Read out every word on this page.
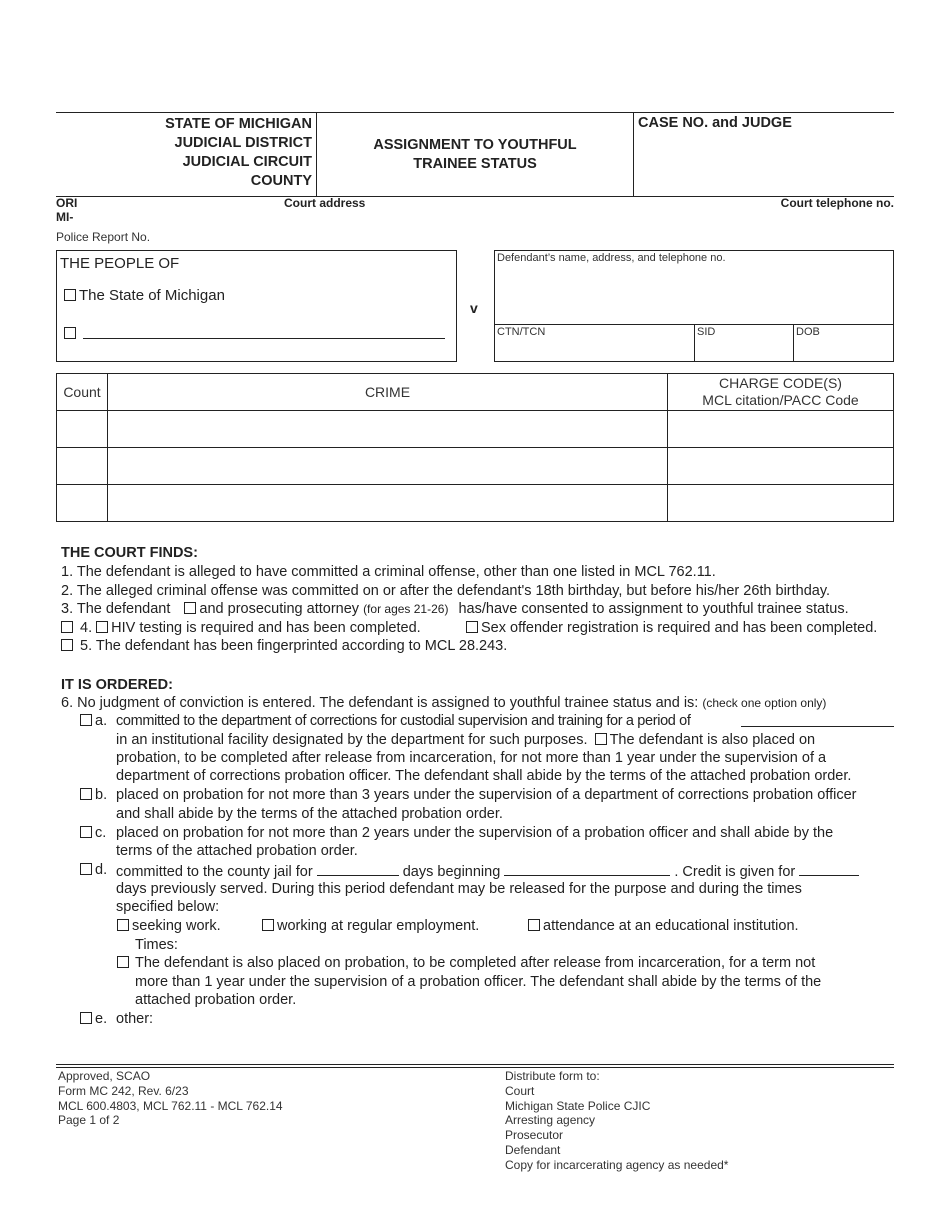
STATE OF MICHIGAN
JUDICIAL DISTRICT
JUDICIAL CIRCUIT
COUNTY
ASSIGNMENT TO YOUTHFUL
TRAINEE STATUS
CASE NO. and JUDGE
ORI
MI-
Court address	Court telephone no.
Police Report No.
THE PEOPLE OF
The State of Michigan
v
Defendant’s name, address, and telephone no.
CTN/TCN	SID	DOB
Count	CRIME	CHARGE CODE(S)
MCL citation/PACC Code

THE COURT FINDS:
1. The defendant is alleged to have committed a criminal offense, other than one listed in MCL 762.11.
2. The alleged criminal offense was committed on or after the defendant's 18th birthday, but before his/her 26th birthday.
3. The defendant and prosecuting attorney (for ages 21-26) has/have consented to assignment to youthful trainee status.
4. HIV testing is required and has been completed.	Sex offender registration is required and has been completed.
5. The defendant has been fingerprinted according to MCL 28.243.
IT IS ORDERED:
6. No judgment of conviction is entered. The defendant is assigned to youthful trainee status and is: (check one option only)
a. committed to the department of corrections for custodial supervision and training for a period of
in an institutional facility designated by the department for such purposes. The defendant is also placed on
probation, to be completed after release from incarceration, for not more than 1 year under the supervision of a
department of corrections probation officer. The defendant shall abide by the terms of the attached probation order.
b. placed on probation for not more than 3 years under the supervision of a department of corrections probation officer
and shall abide by the terms of the attached probation order.
c. placed on probation for not more than 2 years under the supervision of a probation officer and shall abide by the
terms of the attached probation order.
d. committed to the county jail for	days beginning	. Credit is given for
days previously served. During this period defendant may be released for the purpose and during the times
specified below:
seeking work.	working at regular employment.	attendance at an educational institution.
Times:
The defendant is also placed on probation, to be completed after release from incarceration, for a term not
more than 1 year under the supervision of a probation officer. The defendant shall abide by the terms of the
attached probation order.
e. other:
Approved, SCAO
Form MC 242, Rev. 6/23
MCL 600.4803, MCL 762.11 - MCL 762.14
Page 1 of 2
Distribute form to:
Court
Michigan State Police CJIC
Arresting agency
Prosecutor
Defendant
Copy for incarcerating agency as needed*
